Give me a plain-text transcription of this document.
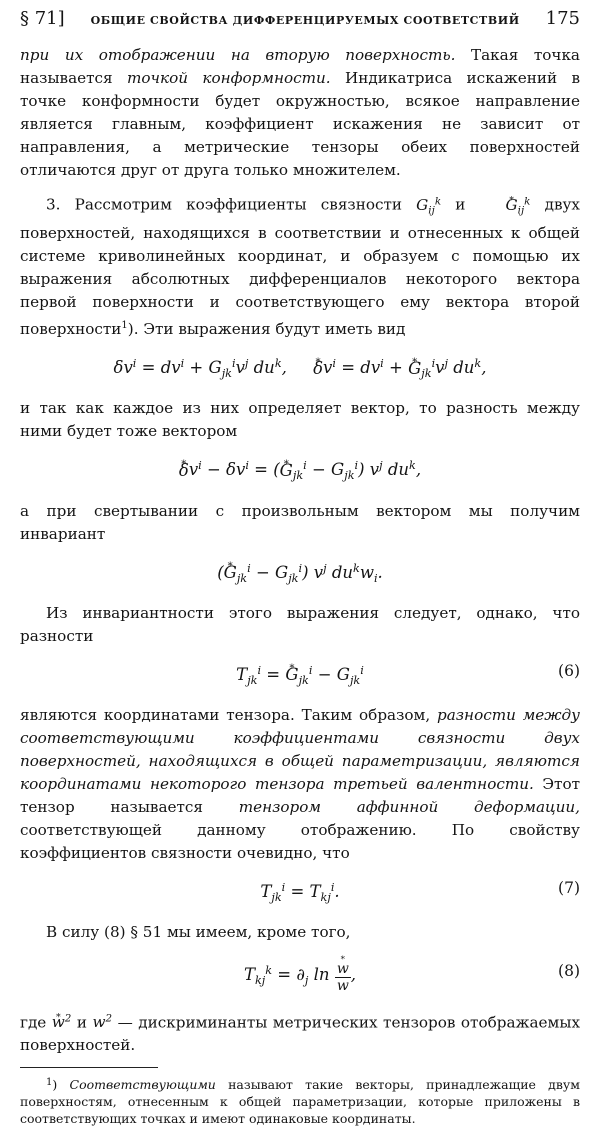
§ 71] ОБЩИЕ СВОЙСТВА ДИФФЕРЕНЦИРУЕМЫХ СООТВЕТСТВИЙ 175

при их отображении на вторую поверхность. Такая точка называется точкой конформности. Индикатриса искажений в точке конформности будет окружностью, всякое направление является главным, коэффициент искажения не зависит от направления, а метрические тензоры обеих поверхностей отличаются друг от друга только множителем.

3. Рассмотрим коэффициенты связности $G_{ij}^k$ и * $G_{ij}^k$ двух поверхностей, находящихся в соответствии и отнесенных к общей системе криволинейных координат, и образуем с помощью их выражения абсолютных дифференциалов некоторого вектора первой поверхности и соответствующего ему вектора второй поверхности$^1$). Эти выражения будут иметь вид

$\delta v^i = dv^i + G_{jk}^iv^j$ $du^k$,     * $\delta v^i = dv^i$ + * $G_{jk}^iv^j$ $du^k$,

и так как каждое из них определяет вектор, то разность между ними будет тоже вектором

* $\delta v^i - \delta v^i$ = (* $G_{jk}^i - G_{jk}^i$) $v^j$ $du^k$,

а при свертывании с произвольным вектором мы получим инвариант

(* $G_{jk}^i - G_{jk}^i$) $v^j$ $du^kw_i$.

Из инвариантности этого выражения следует, однако, что разности

$T_{jk}^i$ = * $G_{jk}^i - G_{jk}^i$	(6)

являются координатами тензора. Таким образом, разности между соответствующими коэффициентами связности двух поверхностей, находящихся в общей параметризации, являются координатами некоторого тензора третьей валентности. Этот тензор называется тензором аффинной деформации, соответствующей данному отображению. По свойству коэффициентов связности очевидно, что

$T_{jk}^i = T_{kj}^i$.	(7)

В силу (8) § 51 мы имеем, кроме того,

$T_{kj}^k = \partial_j$ ln
* $\frac{w}{w}$ ,	(8)

где * $w^2$ и $w^2$ — дискриминанты метрических тензоров отображаемых поверхностей.

$^1$) Соответствующими называют такие векторы, принадлежащие двум поверхностям, отнесенным к общей параметризации, которые приложены в соответствующих точках и имеют одинаковые координаты.
